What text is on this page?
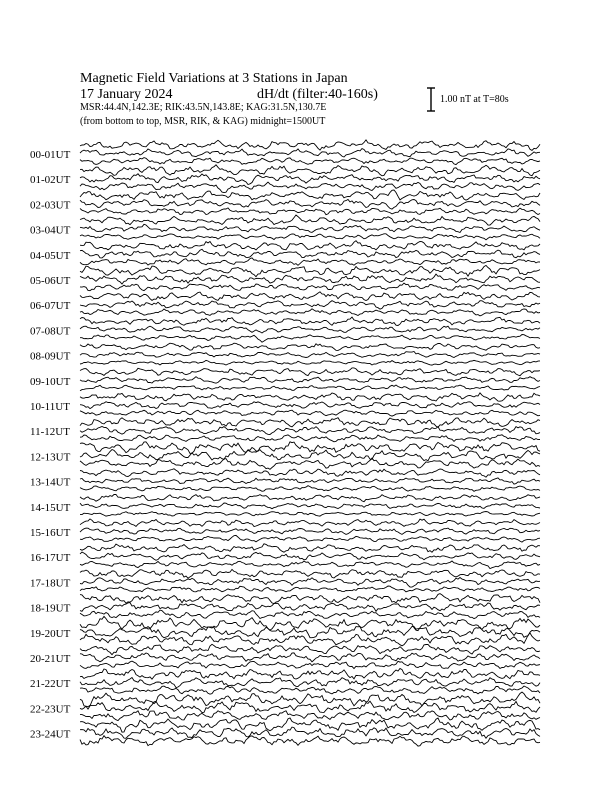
Magnetic Field Variations at 3 Stations in Japan
17 January 2024	dH/dt (filter:40-160s)
MSR:44.4N,142.3E; RIK:43.5N,143.8E; KAG:31.5N,130.7E
(from bottom to top, MSR, RIK, & KAG) midnight=1500UT
1.00 nT at T=80s
00-01UT
01-02UT
02-03UT
03-04UT
04-05UT
05-06UT
06-07UT
07-08UT
08-09UT
09-10UT
10-11UT
11-12UT
12-13UT
13-14UT
14-15UT
15-16UT
16-17UT
17-18UT
18-19UT
19-20UT
20-21UT
21-22UT
22-23UT
23-24UT
